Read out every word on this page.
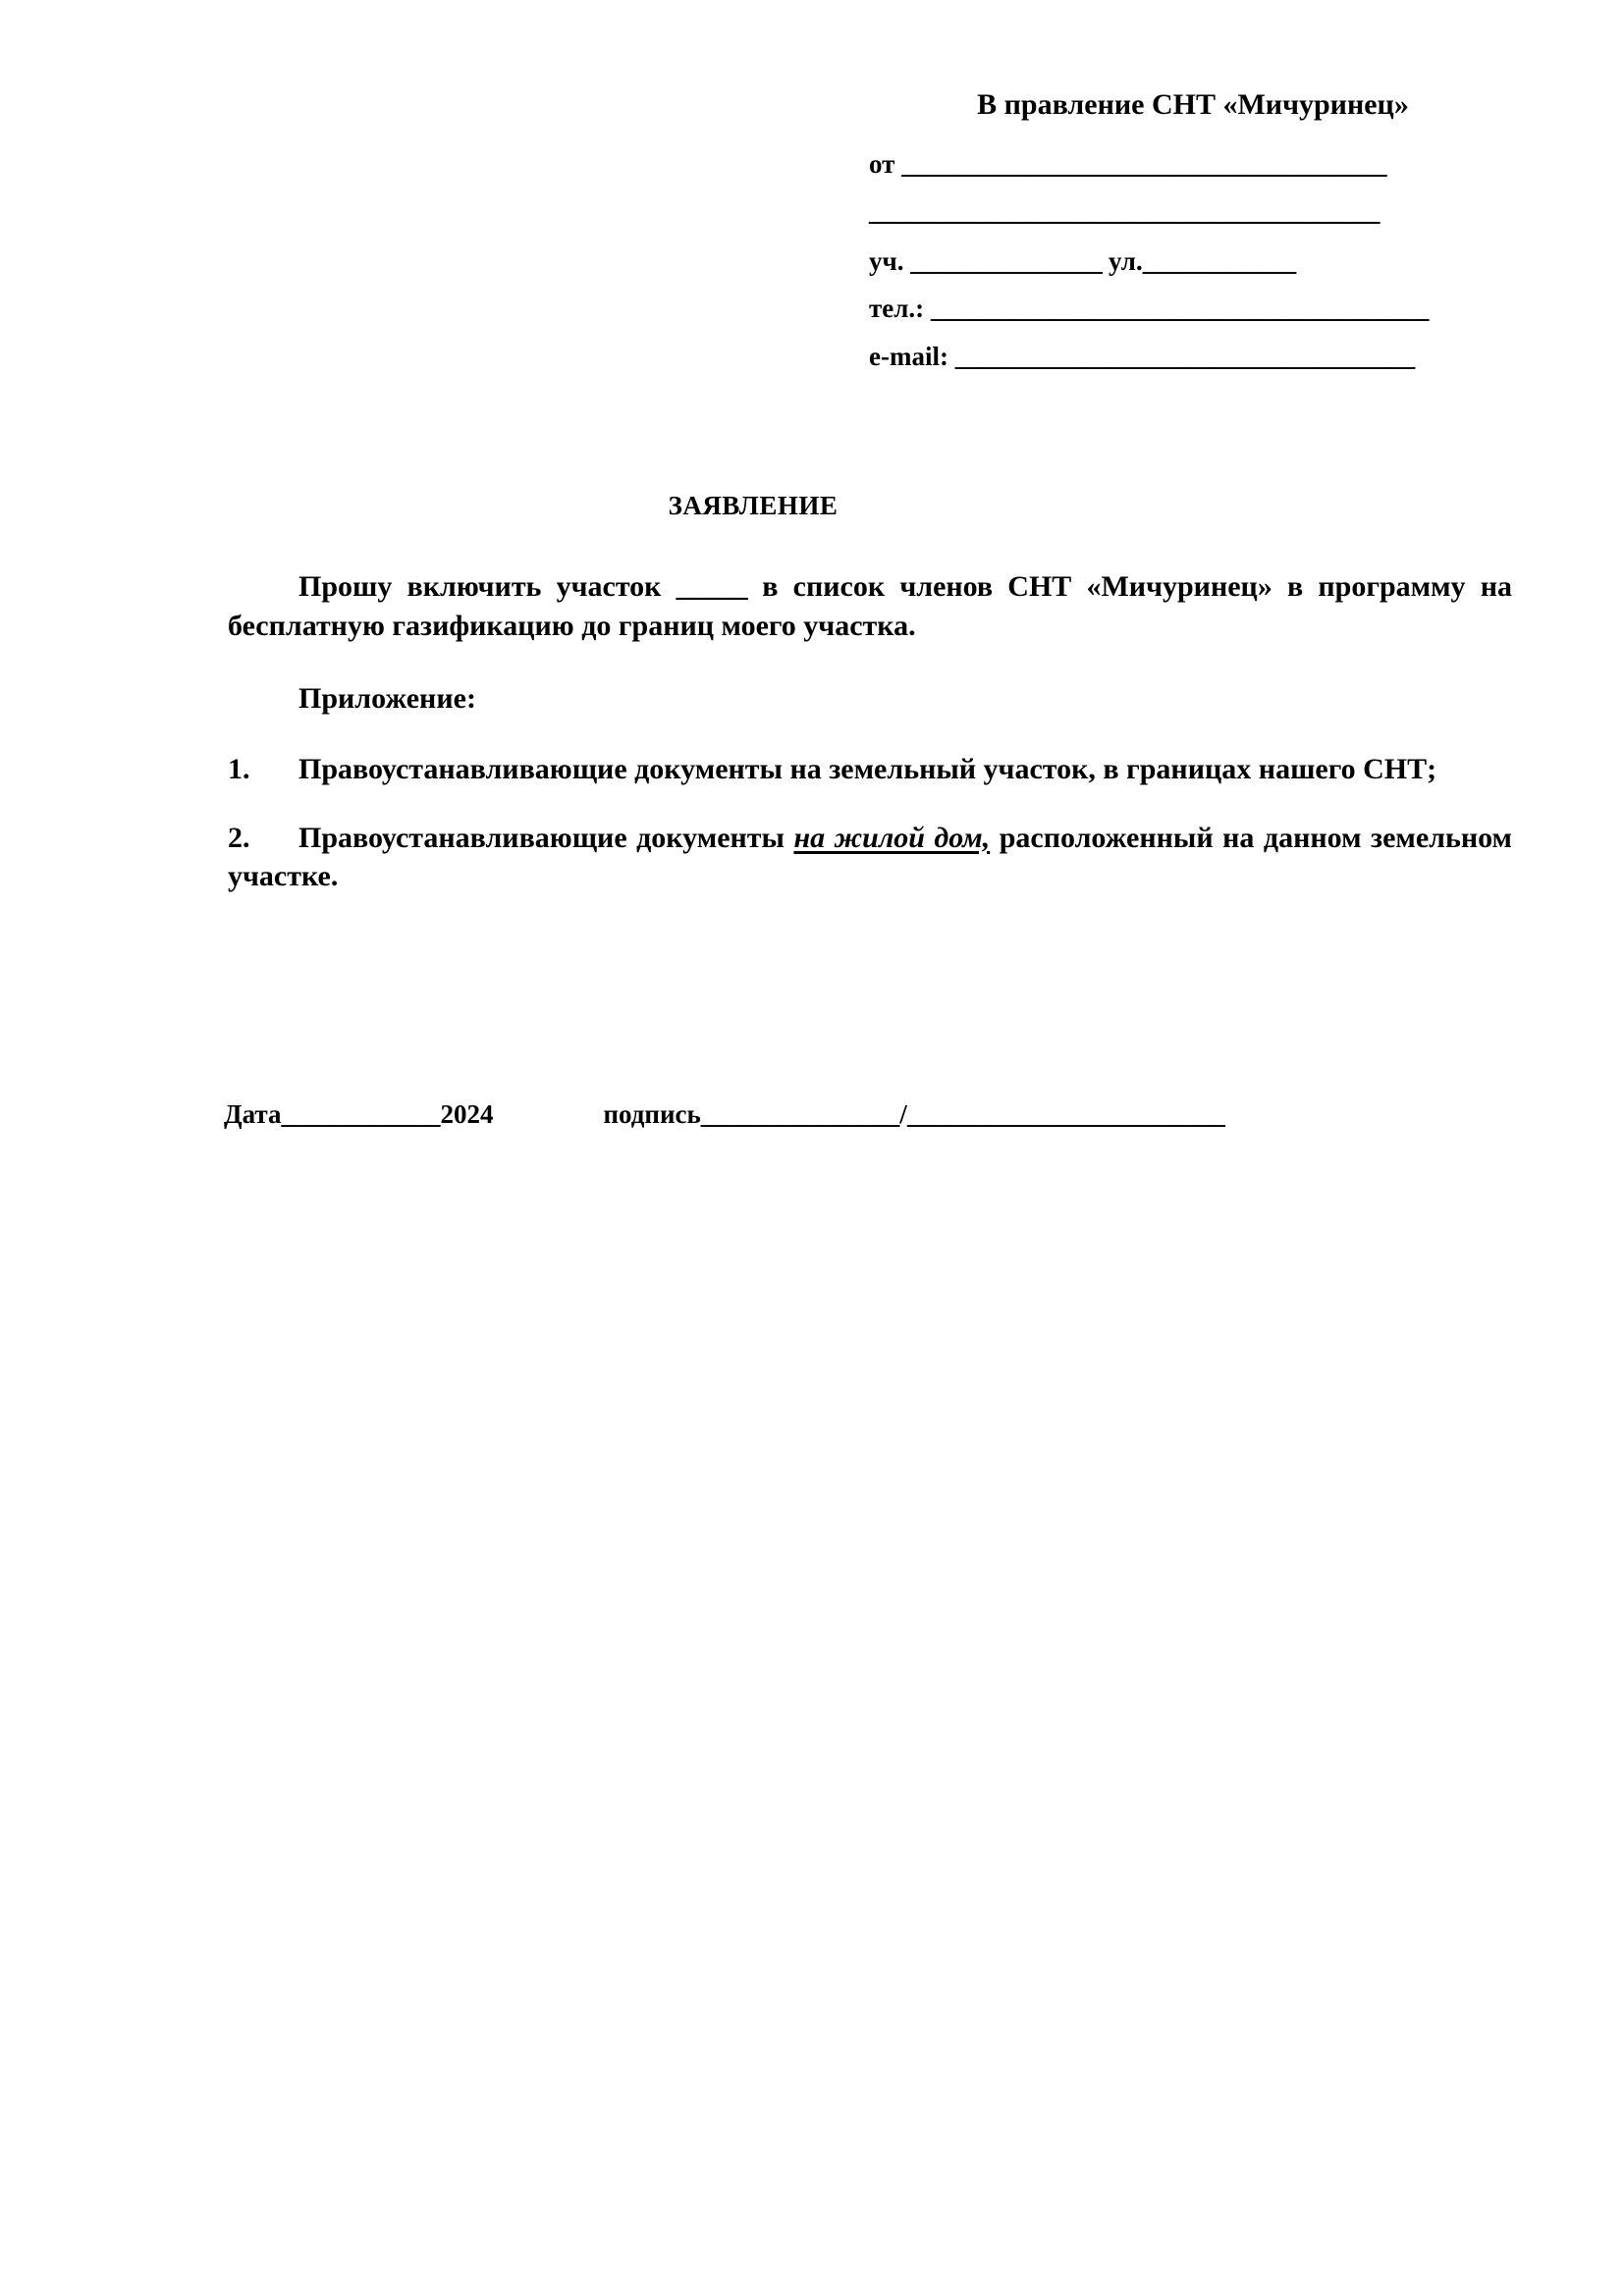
В правление СНТ «Мичуринец»
от ______________________________________
________________________________________
уч. _______________ ул.____________
тел.: _______________________________________
e-mail: ____________________________________
ЗАЯВЛЕНИЕ

Прошу включить участок _____ в список членов СНТ «Мичуринец» в программу на бесплатную газификацию до границ моего участка.

Приложение:

1. Правоустанавливающие документы на земельный участок, в границах нашего СНТ;

2. Правоустанавливающие документы на жилой дом, расположенный на данном земельном участке.

Дата____________2024	подпись_______________/________________________
